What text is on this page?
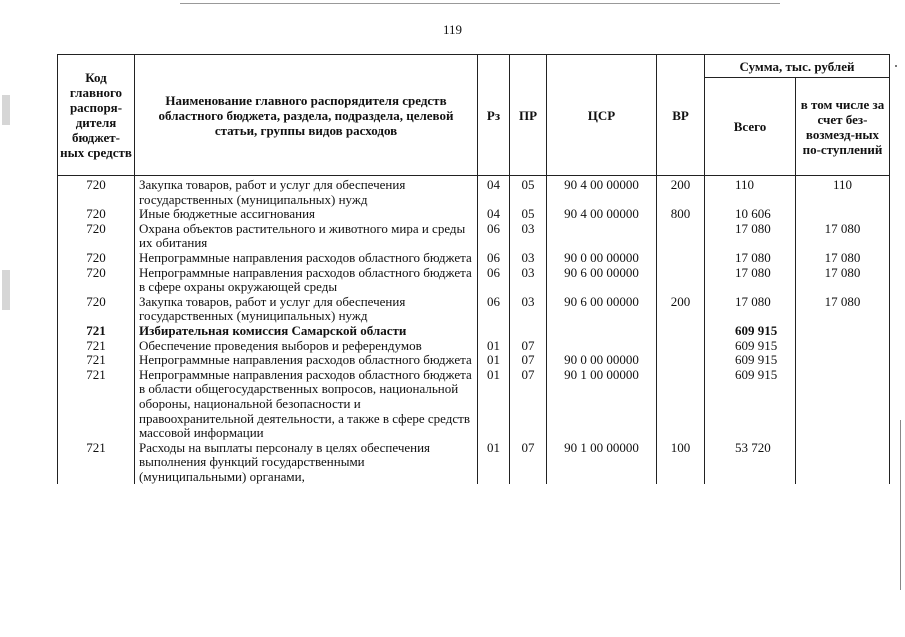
119
Код главного распоря-дителя бюджет-ных средств	Наименование главного распорядителя средств областного бюджета, раздела, подраздела, целевой статьи, группы видов расходов	Рз	ПР	ЦСР	ВР	Сумма, тыс. рублей	
						Всего	в том числе за счет без-возмезд-ных по-ступлений
720	Закупка товаров, работ и услуг для обеспечения государственных (муниципальных) нужд	04	05	90 4 00 00000	200	110	110
720	Иные бюджетные ассигнования	04	05	90 4 00 00000	800	10 606	
720	Охрана объектов растительного и животного мира и среды их обитания	06	03			17 080	17 080
720	Непрограммные направления расходов областного бюджета	06	03	90 0 00 00000		17 080	17 080
720	Непрограммные направления расходов областного бюджета в сфере охраны окружающей среды	06	03	90 6 00 00000		17 080	17 080
720	Закупка товаров, работ и услуг для обеспечения государственных (муниципальных) нужд	06	03	90 6 00 00000	200	17 080	17 080
721	Избирательная комиссия Самарской области					609 915	
721	Обеспечение проведения выборов и референдумов	01	07			609 915	
721	Непрограммные направления расходов областного бюджета	01	07	90 0 00 00000		609 915	
721	Непрограммные направления расходов областного бюджета в области общегосударственных вопросов, национальной обороны, национальной безопасности и правоохранительной деятельности, а также в сфере средств массовой информации	01	07	90 1 00 00000		609 915	
721	Расходы на выплаты персоналу в целях обеспечения выполнения функций государственными (муниципальными) органами,	01	07	90 1 00 00000	100	53 720	
